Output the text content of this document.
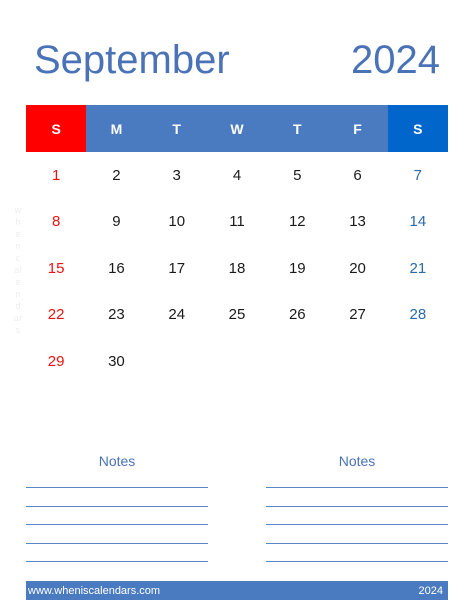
September	2024
S	M	T	W	T	F	S
1	2	3	4	5	6	7
8	9	10	11	12	13	14
15	16	17	18	19	20	21
22	23	24	25	26	27	28
29	30
whencalendars
Notes	Notes
www.wheniscalendars.com	2024
